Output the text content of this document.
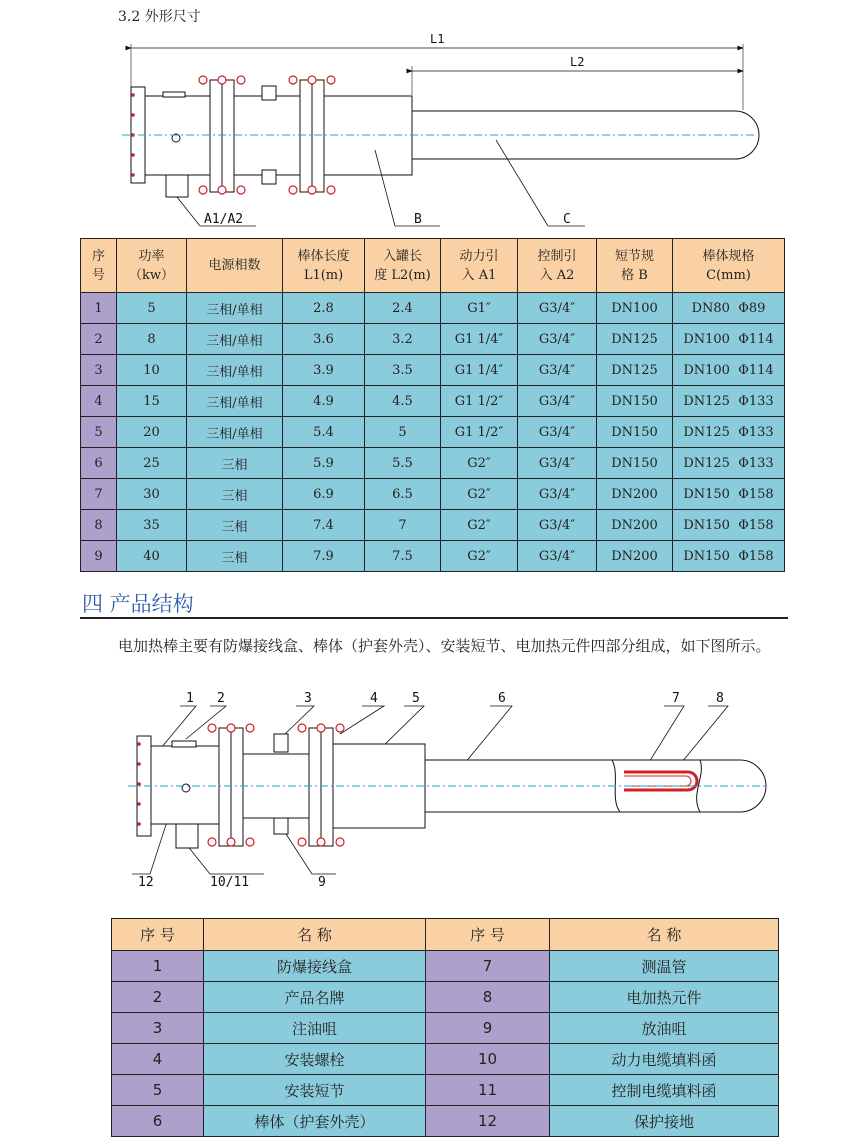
3.2 外形尺寸
L1
L2
A1/A2	B	C
序
号	功率
（kw）	电源相数	棒体长度
L1(m)	入罐长
度 L2(m)	动力引
入 A1	控制引
入 A2	短节规
格 B	棒体规格
C(mm)
1	5	三相/单相	2.8	2.4	G1″	G3/4″	DN100	DN80  Φ89
2	8	三相/单相	3.6	3.2	G1 1/4″	G3/4″	DN125	DN100  Φ114
3	10	三相/单相	3.9	3.5	G1 1/4″	G3/4″	DN125	DN100  Φ114
4	15	三相/单相	4.9	4.5	G1 1/2″	G3/4″	DN150	DN125  Φ133
5	20	三相/单相	5.4	5	G1 1/2″	G3/4″	DN150	DN125  Φ133
6	25	三相	5.9	5.5	G2″	G3/4″	DN150	DN125  Φ133
7	30	三相	6.9	6.5	G2″	G3/4″	DN200	DN150  Φ158
8	35	三相	7.4	7	G2″	G3/4″	DN200	DN150  Φ158
9	40	三相	7.9	7.5	G2″	G3/4″	DN200	DN150  Φ158
四 产品结构
电加热棒主要有防爆接线盒、棒体（护套外壳）、安装短节、电加热元件四部分组成，如下图所示。
1 2	3	4	5	6	7	8
9
10/11
12
序 号	名 称	序 号	名 称
1	防爆接线盒	7	测温管
2	产品名牌	8	电加热元件
3	注油咀	9	放油咀
4	安装螺栓	10	动力电缆填料函
5	安装短节	11	控制电缆填料函
6	棒体（护套外壳）	12	保护接地
